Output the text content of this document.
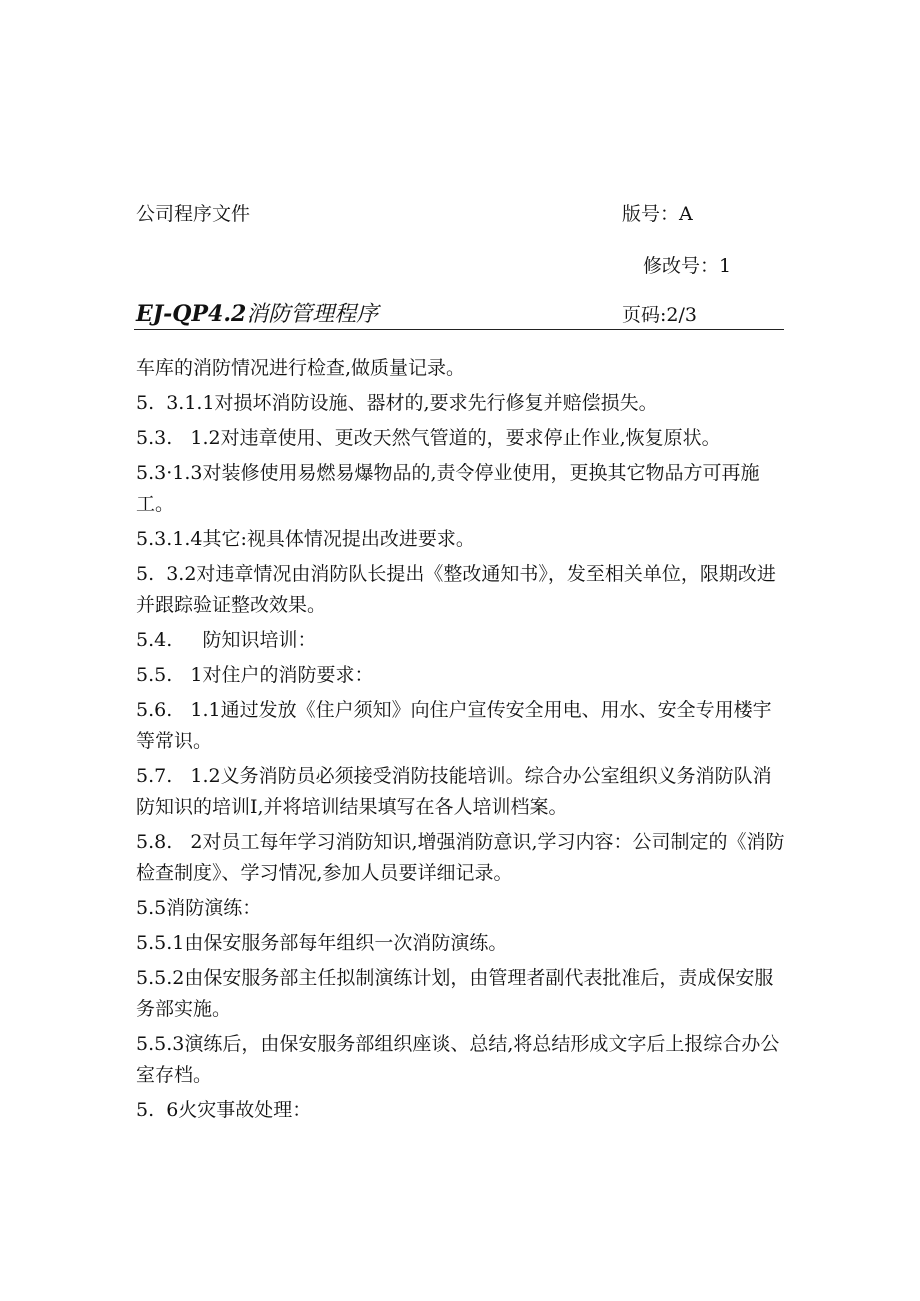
公司程序文件	版号：A
修改号：1
EJ-QP4.2消防管理程序	页码:2/3
车库的消防情况进行检查,做质量记录。
5.  3.1.1对损坏消防设施、器材的,要求先行修复并赔偿损失。
5.3.   1.2对违章使用、更改天然气管道的，要求停止作业,恢复原状。
5.3·1.3对装修使用易燃易爆物品的,责令停业使用，更换其它物品方可再施工。
5.3.1.4其它:视具体情况提出改进要求。
5.  3.2对违章情况由消防队长提出《整改通知书》，发至相关单位，限期改进并跟踪验证整改效果。
5.4.     防知识培训：
5.5.   1对住户的消防要求：
5.6.   1.1通过发放《住户须知》向住户宣传安全用电、用水、安全专用楼宇等常识。
5.7.   1.2义务消防员必须接受消防技能培训。综合办公室组织义务消防队消防知识的培训I,并将培训结果填写在各人培训档案。
5.8.   2对员工每年学习消防知识,增强消防意识,学习内容：公司制定的《消防检查制度》、学习情况,参加人员要详细记录。
5.5消防演练：
5.5.1由保安服务部每年组织一次消防演练。
5.5.2由保安服务部主任拟制演练计划，由管理者副代表批准后，责成保安服务部实施。
5.5.3演练后，由保安服务部组织座谈、总结,将总结形成文字后上报综合办公室存档。
5.  6火灾事故处理：
